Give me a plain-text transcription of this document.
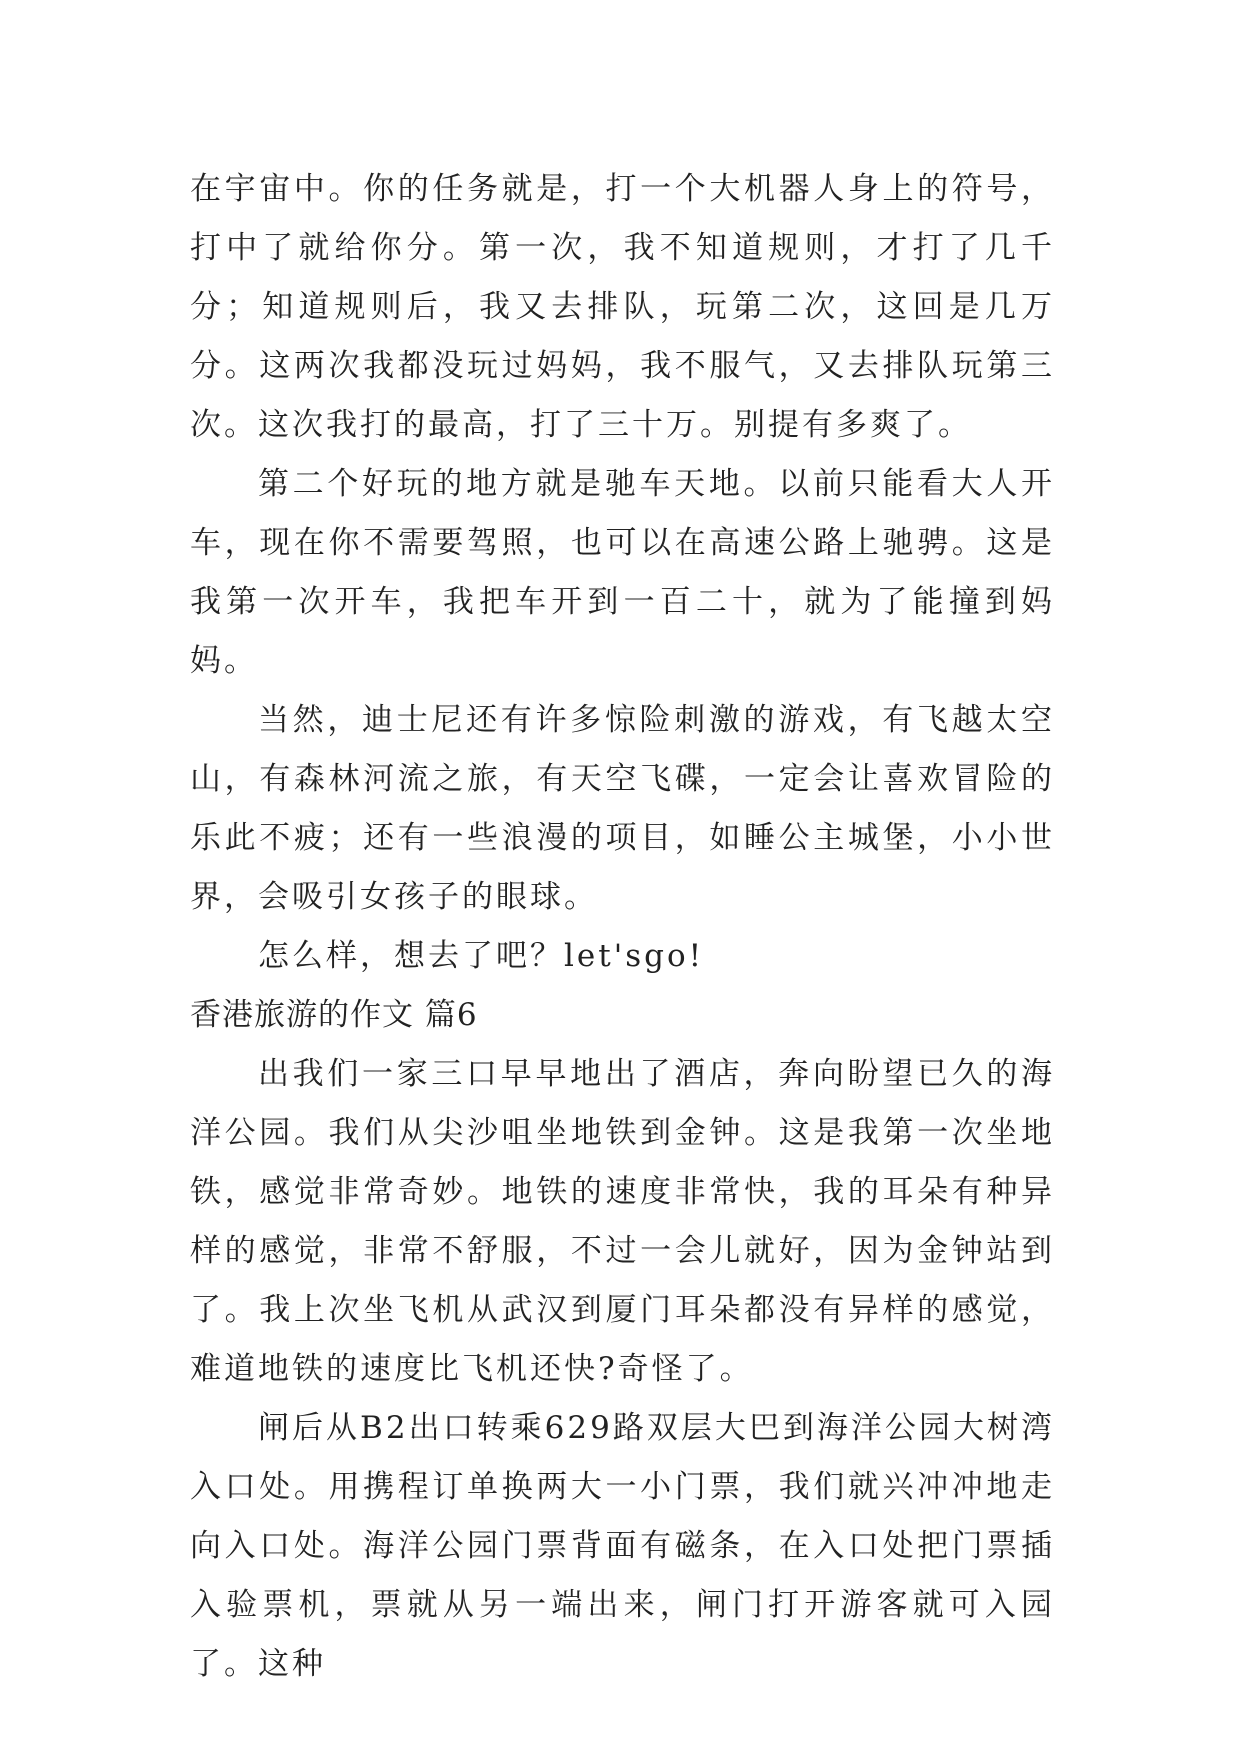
在宇宙中。你的任务就是，打一个大机器人身上的符号，打中了就给你分。第一次，我不知道规则，才打了几千分；知道规则后，我又去排队，玩第二次，这回是几万分。这两次我都没玩过妈妈，我不服气，又去排队玩第三次。这次我打的最高，打了三十万。别提有多爽了。

第二个好玩的地方就是驰车天地。以前只能看大人开车，现在你不需要驾照，也可以在高速公路上驰骋。这是我第一次开车，我把车开到一百二十，就为了能撞到妈妈。

当然，迪士尼还有许多惊险刺激的游戏，有飞越太空山，有森林河流之旅，有天空飞碟，一定会让喜欢冒险的乐此不疲；还有一些浪漫的项目，如睡公主城堡，小小世界，会吸引女孩子的眼球。

怎么样，想去了吧？let'sgo!

香港旅游的作文 篇6

出我们一家三口早早地出了酒店，奔向盼望已久的海洋公园。我们从尖沙咀坐地铁到金钟。这是我第一次坐地铁，感觉非常奇妙。地铁的速度非常快，我的耳朵有种异样的感觉，非常不舒服，不过一会儿就好，因为金钟站到了。我上次坐飞机从武汉到厦门耳朵都没有异样的感觉，难道地铁的速度比飞机还快?奇怪了。

闸后从B2出口转乘629路双层大巴到海洋公园大树湾入口处。用携程订单换两大一小门票，我们就兴冲冲地走向入口处。海洋公园门票背面有磁条，在入口处把门票插入验票机，票就从另一端出来，闸门打开游客就可入园了。这种
